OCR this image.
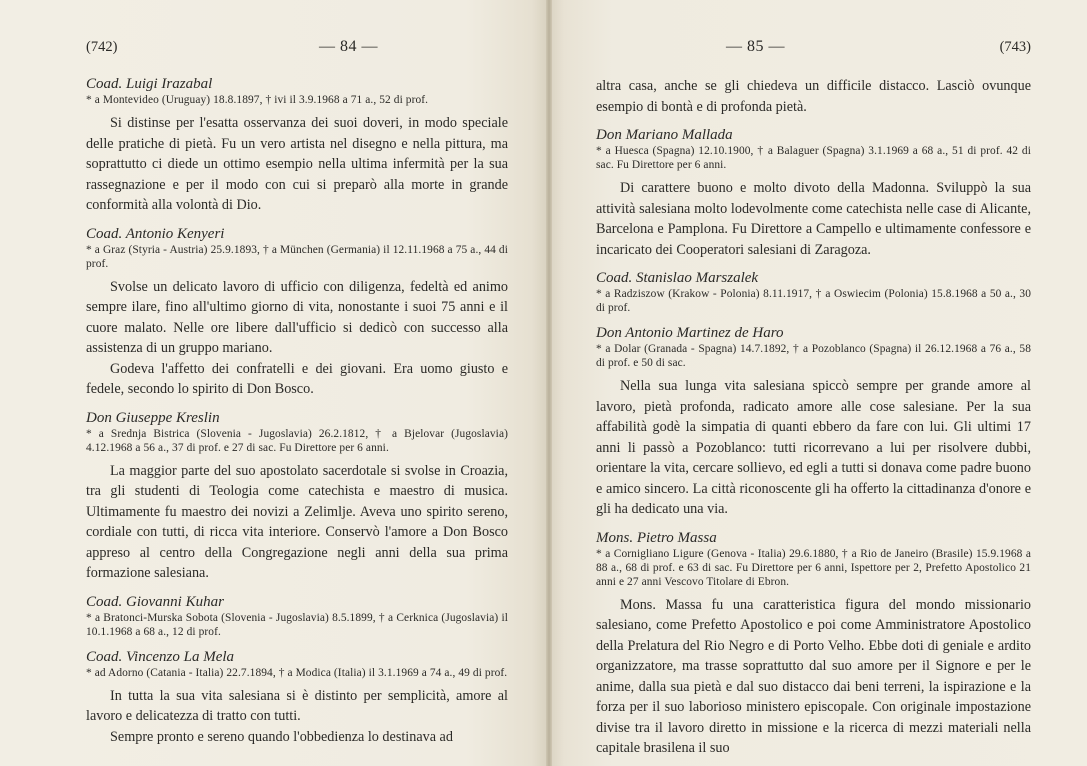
(742)	— 84 —

Coad. Luigi Irazabal

* a Montevideo (Uruguay) 18.8.1897, † ivi il 3.9.1968 a 71 a., 52 di prof.

Si distinse per l'esatta osservanza dei suoi doveri, in modo speciale delle pratiche di pietà. Fu un vero artista nel disegno e nella pittura, ma soprattutto ci diede un ottimo esempio nella ultima infermità per la sua rassegnazione e per il modo con cui si preparò alla morte in grande conformità alla volontà di Dio.

Coad. Antonio Kenyeri

* a Graz (Styria - Austria) 25.9.1893, † a München (Germania) il 12.11.1968 a 75 a., 44 di prof.

Svolse un delicato lavoro di ufficio con diligenza, fedeltà ed animo sempre ilare, fino all'ultimo giorno di vita, nonostante i suoi 75 anni e il cuore malato. Nelle ore libere dall'ufficio si dedicò con successo alla assistenza di un gruppo mariano.

Godeva l'affetto dei confratelli e dei giovani. Era uomo giusto e fedele, secondo lo spirito di Don Bosco.

Don Giuseppe Kreslin

* a Srednja Bistrica (Slovenia - Jugoslavia) 26.2.1812, † a Bjelovar (Jugoslavia) 4.12.1968 a 56 a., 37 di prof. e 27 di sac. Fu Direttore per 6 anni.

La maggior parte del suo apostolato sacerdotale si svolse in Croazia, tra gli studenti di Teologia come catechista e maestro di musica. Ultimamente fu maestro dei novizi a Zelimlje. Aveva uno spirito sereno, cordiale con tutti, di ricca vita interiore. Conservò l'amore a Don Bosco appreso al centro della Congregazione negli anni della sua prima formazione salesiana.

Coad. Giovanni Kuhar

* a Bratonci-Murska Sobota (Slovenia - Jugoslavia) 8.5.1899, † a Cerknica (Jugoslavia) il 10.1.1968 a 68 a., 12 di prof.

Coad. Vincenzo La Mela

* ad Adorno (Catania - Italia) 22.7.1894, † a Modica (Italia) il 3.1.1969 a 74 a., 49 di prof.

In tutta la sua vita salesiana si è distinto per semplicità, amore al lavoro e delicatezza di tratto con tutti.

Sempre pronto e sereno quando l'obbedienza lo destinava ad

— 85 —	(743)

altra casa, anche se gli chiedeva un difficile distacco. Lasciò ovunque esempio di bontà e di profonda pietà.

Don Mariano Mallada

* a Huesca (Spagna) 12.10.1900, † a Balaguer (Spagna) 3.1.1969 a 68 a., 51 di prof. 42 di sac. Fu Direttore per 6 anni.

Di carattere buono e molto divoto della Madonna. Sviluppò la sua attività salesiana molto lodevolmente come catechista nelle case di Alicante, Barcelona e Pamplona. Fu Direttore a Campello e ultimamente confessore e incaricato dei Cooperatori salesiani di Zaragoza.

Coad. Stanislao Marszalek

* a Radziszow (Krakow - Polonia) 8.11.1917, † a Oswiecim (Polonia) 15.8.1968 a 50 a., 30 di prof.

Don Antonio Martinez de Haro

* a Dolar (Granada - Spagna) 14.7.1892, † a Pozoblanco (Spagna) il 26.12.1968 a 76 a., 58 di prof. e 50 di sac.

Nella sua lunga vita salesiana spiccò sempre per grande amore al lavoro, pietà profonda, radicato amore alle cose salesiane. Per la sua affabilità godè la simpatia di quanti ebbero da fare con lui. Gli ultimi 17 anni li passò a Pozoblanco: tutti ricorrevano a lui per risolvere dubbi, orientare la vita, cercare sollievo, ed egli a tutti si donava come padre buono e amico sincero. La città riconoscente gli ha offerto la cittadinanza d'onore e gli ha dedicato una via.

Mons. Pietro Massa

* a Cornigliano Ligure (Genova - Italia) 29.6.1880, † a Rio de Janeiro (Brasile) 15.9.1968 a 88 a., 68 di prof. e 63 di sac. Fu Direttore per 6 anni, Ispettore per 2, Prefetto Apostolico 21 anni e 27 anni Vescovo Titolare di Ebron.

Mons. Massa fu una caratteristica figura del mondo missionario salesiano, come Prefetto Apostolico e poi come Amministratore Apostolico della Prelatura del Rio Negro e di Porto Velho. Ebbe doti di geniale e ardito organizzatore, ma trasse soprattutto dal suo amore per il Signore e per le anime, dalla sua pietà e dal suo distacco dai beni terreni, la ispirazione e la forza per il suo laborioso ministero episcopale. Con originale impostazione divise tra il lavoro diretto in missione e la ricerca di mezzi materiali nella capitale brasilena il suo
